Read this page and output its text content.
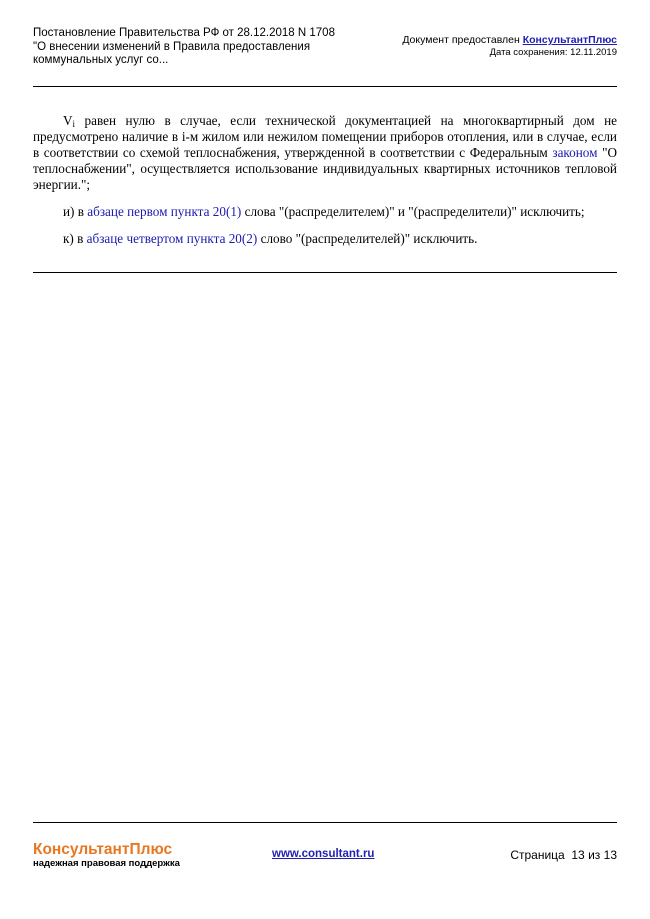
Постановление Правительства РФ от 28.12.2018 N 1708
"О внесении изменений в Правила предоставления
коммунальных услуг со...
Документ предоставлен КонсультантПлюс
Дата сохранения: 12.11.2019

$V_i$ равен нулю в случае, если технической документацией на многоквартирный дом не предусмотрено наличие в i-м жилом или нежилом помещении приборов отопления, или в случае, если в соответствии со схемой теплоснабжения, утвержденной в соответствии с Федеральным законом "О теплоснабжении", осуществляется использование индивидуальных квартирных источников тепловой энергии.";

и) в абзаце первом пункта 20(1) слова "(распределителем)" и "(распределители)" исключить;

к) в абзаце четвертом пункта 20(2) слово "(распределителей)" исключить.

КонсультантПлюс
надежная правовая поддержка
www.consultant.ru	Страница 13 из 13
